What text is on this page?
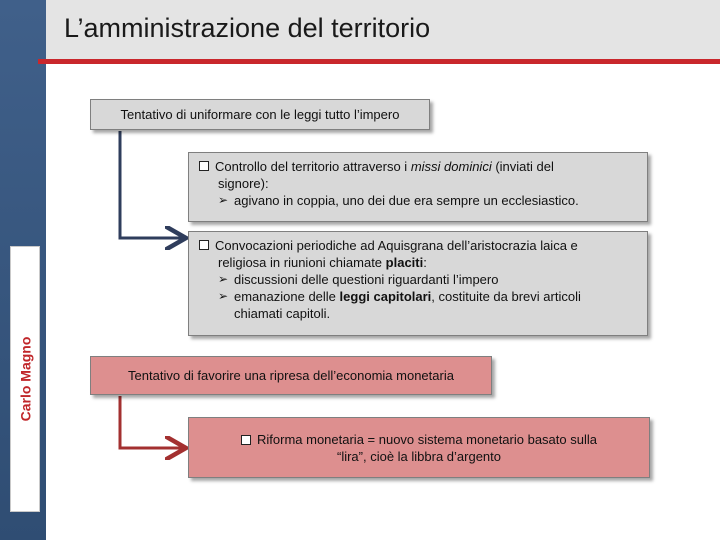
Carlo Magno
L’amministrazione del territorio
Tentativo di uniformare con le leggi tutto l’impero
Controllo del territorio attraverso i missi dominici (inviati del
signore):
➢ agivano in coppia, uno dei due era sempre un ecclesiastico.
Convocazioni periodiche ad Aquisgrana dell’aristocrazia laica e
religiosa in riunioni chiamate placiti:
➢ discussioni delle questioni riguardanti l’impero
➢ emanazione delle leggi capitolari, costituite da brevi articoli
chiamati capitoli.
Tentativo di favorire una ripresa dell’economia monetaria
Riforma monetaria = nuovo sistema monetario basato sulla
“lira”, cioè la libbra d’argento
